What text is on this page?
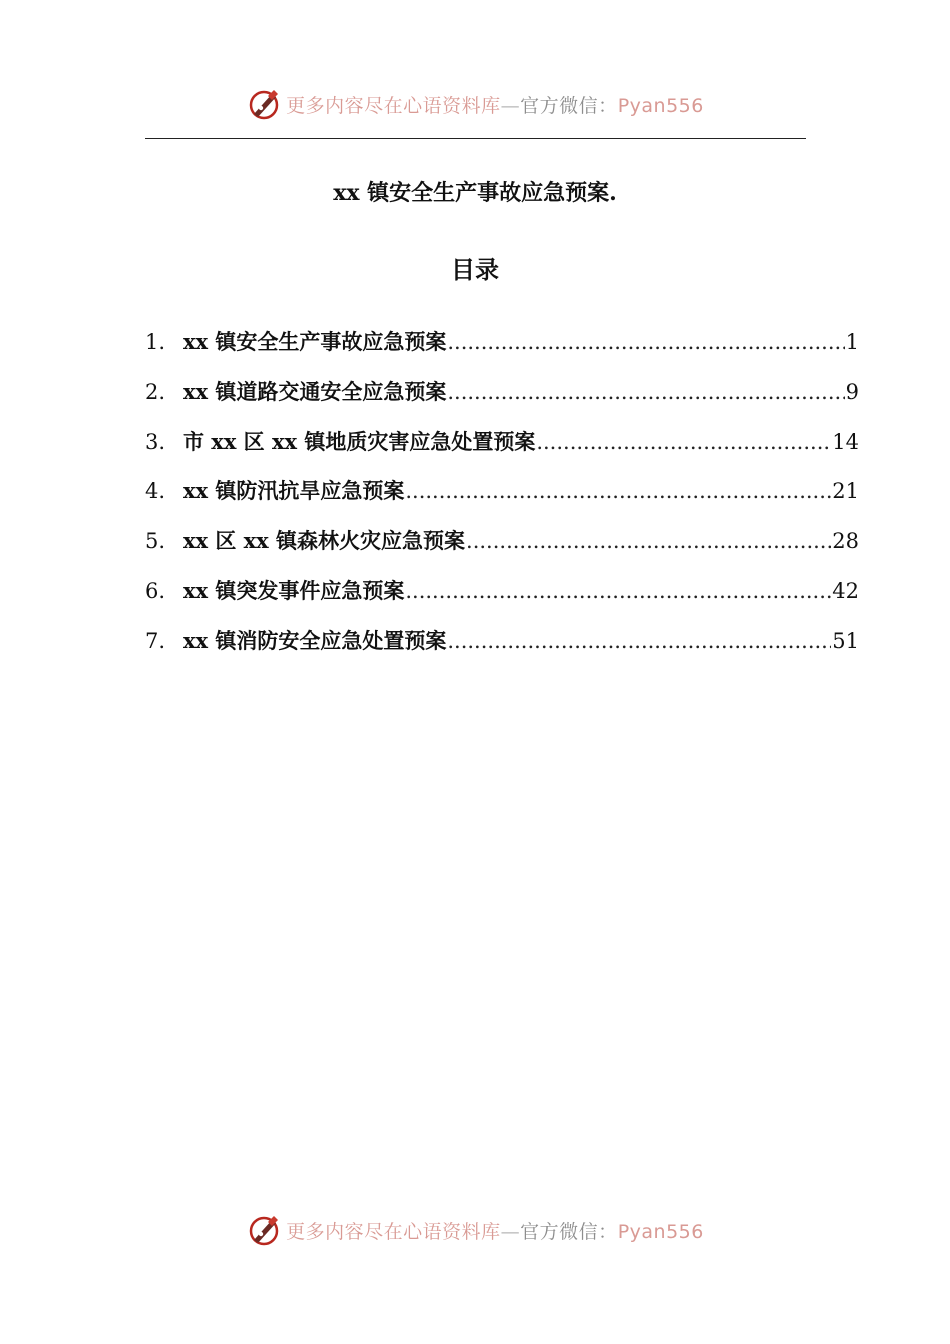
更多内容尽在心语资料库—官方微信：Pyan556
xx 镇安全生产事故应急预案.
目录
1. xx 镇安全生产事故应急预案 .....	1
2. xx 镇道路交通安全应急预案 .....	9
3. 市 xx 区 xx 镇地质灾害应急处置预案 .....	14
4. xx 镇防汛抗旱应急预案 .....	21
5. xx 区 xx 镇森林火灾应急预案 .....	28
6. xx 镇突发事件应急预案 .....	42
7. xx 镇消防安全应急处置预案 .....	51
更多内容尽在心语资料库—官方微信：Pyan556
